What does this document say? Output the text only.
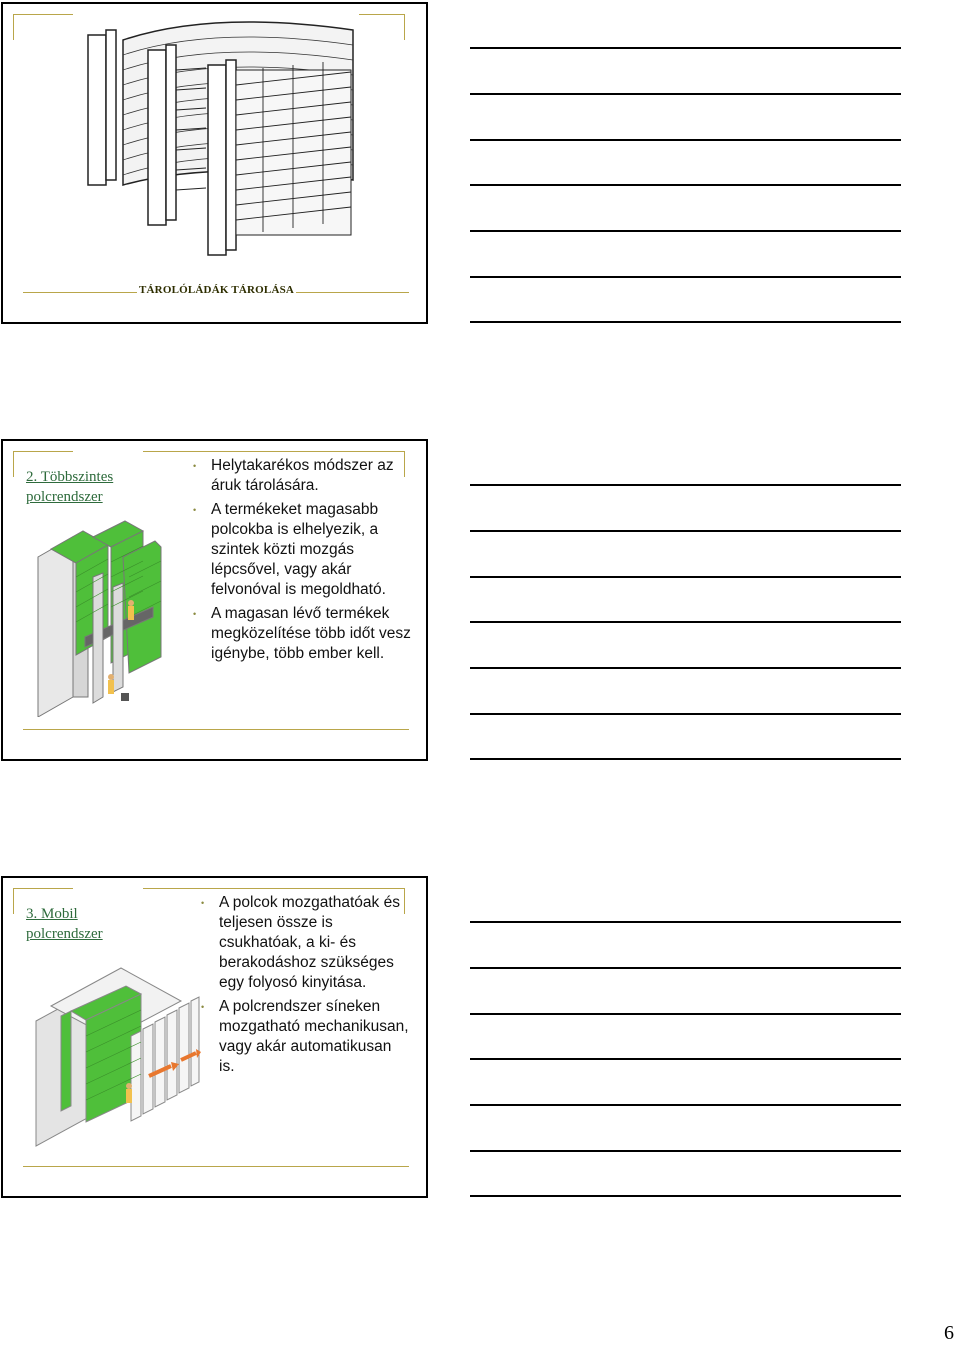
TÁROLÓLÁDÁK TÁROLÁSA
2. Többszintes polcrendszer
• Helytakarékos módszer az áruk tárolására.
• A termékeket magasabb polcokba is elhelyezik, a szintek közti mozgás lépcsővel, vagy akár felvonóval is megoldható.
• A magasan lévő termékek megközelítése több időt vesz igénybe, több ember kell.
3. Mobil polcrendszer
• A polcok mozgathatóak és teljesen össze is csukhatóak, a ki- és berakodáshoz szükséges egy folyosó kinyitása.
• A polcrendszer síneken mozgatható mechanikusan, vagy akár automatikusan is.
6
